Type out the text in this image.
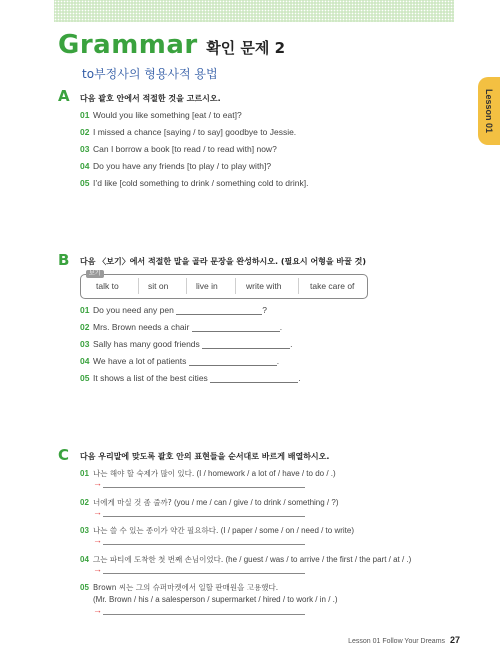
Grammar 확인 문제 2
to부정사의 형용사적 용법
Lesson 01
A 다음 괄호 안에서 적절한 것을 고르시오.
01 Would you like something [eat / to eat]?
02 I missed a chance [saying / to say] goodbye to Jessie.
03 Can I borrow a book [to read / to read with] now?
04 Do you have any friends [to play / to play with]?
05 I’d like [cold something to drink / something cold to drink].
B 다음 〈보기〉에서 적절한 말을 골라 문장을 완성하시오. (필요시 어형을 바꿀 것)
보기
talk to	sit on	live in	write with	take care of
01 Do you need any pen	?
02 Mrs. Brown needs a chair	.
03 Sally has many good friends	.
04 We have a lot of patients	.
05 It shows a list of the best cities	.
C 다음 우리말에 맞도록 괄호 안의 표현들을 순서대로 바르게 배열하시오.
01 나는 해야 할 숙제가 많이 있다. (I / homework / a lot of / have / to do / .)
→
02 너에게 마실 것 좀 줄까? (you / me / can / give / to drink / something / ?)
→
03 나는 쓸 수 있는 종이가 약간 필요하다. (I / paper / some / on / need / to write)
→
04 그는 파티에 도착한 첫 번째 손님이었다. (he / guest / was / to arrive / the first / the part / at / .)
→
05 Brown 씨는 그의 슈퍼마켓에서 일할 판매원을 고용했다.
(Mr. Brown / his / a salesperson / supermarket / hired / to work / in / .)
→
Lesson 01 Follow Your Dreams 27
